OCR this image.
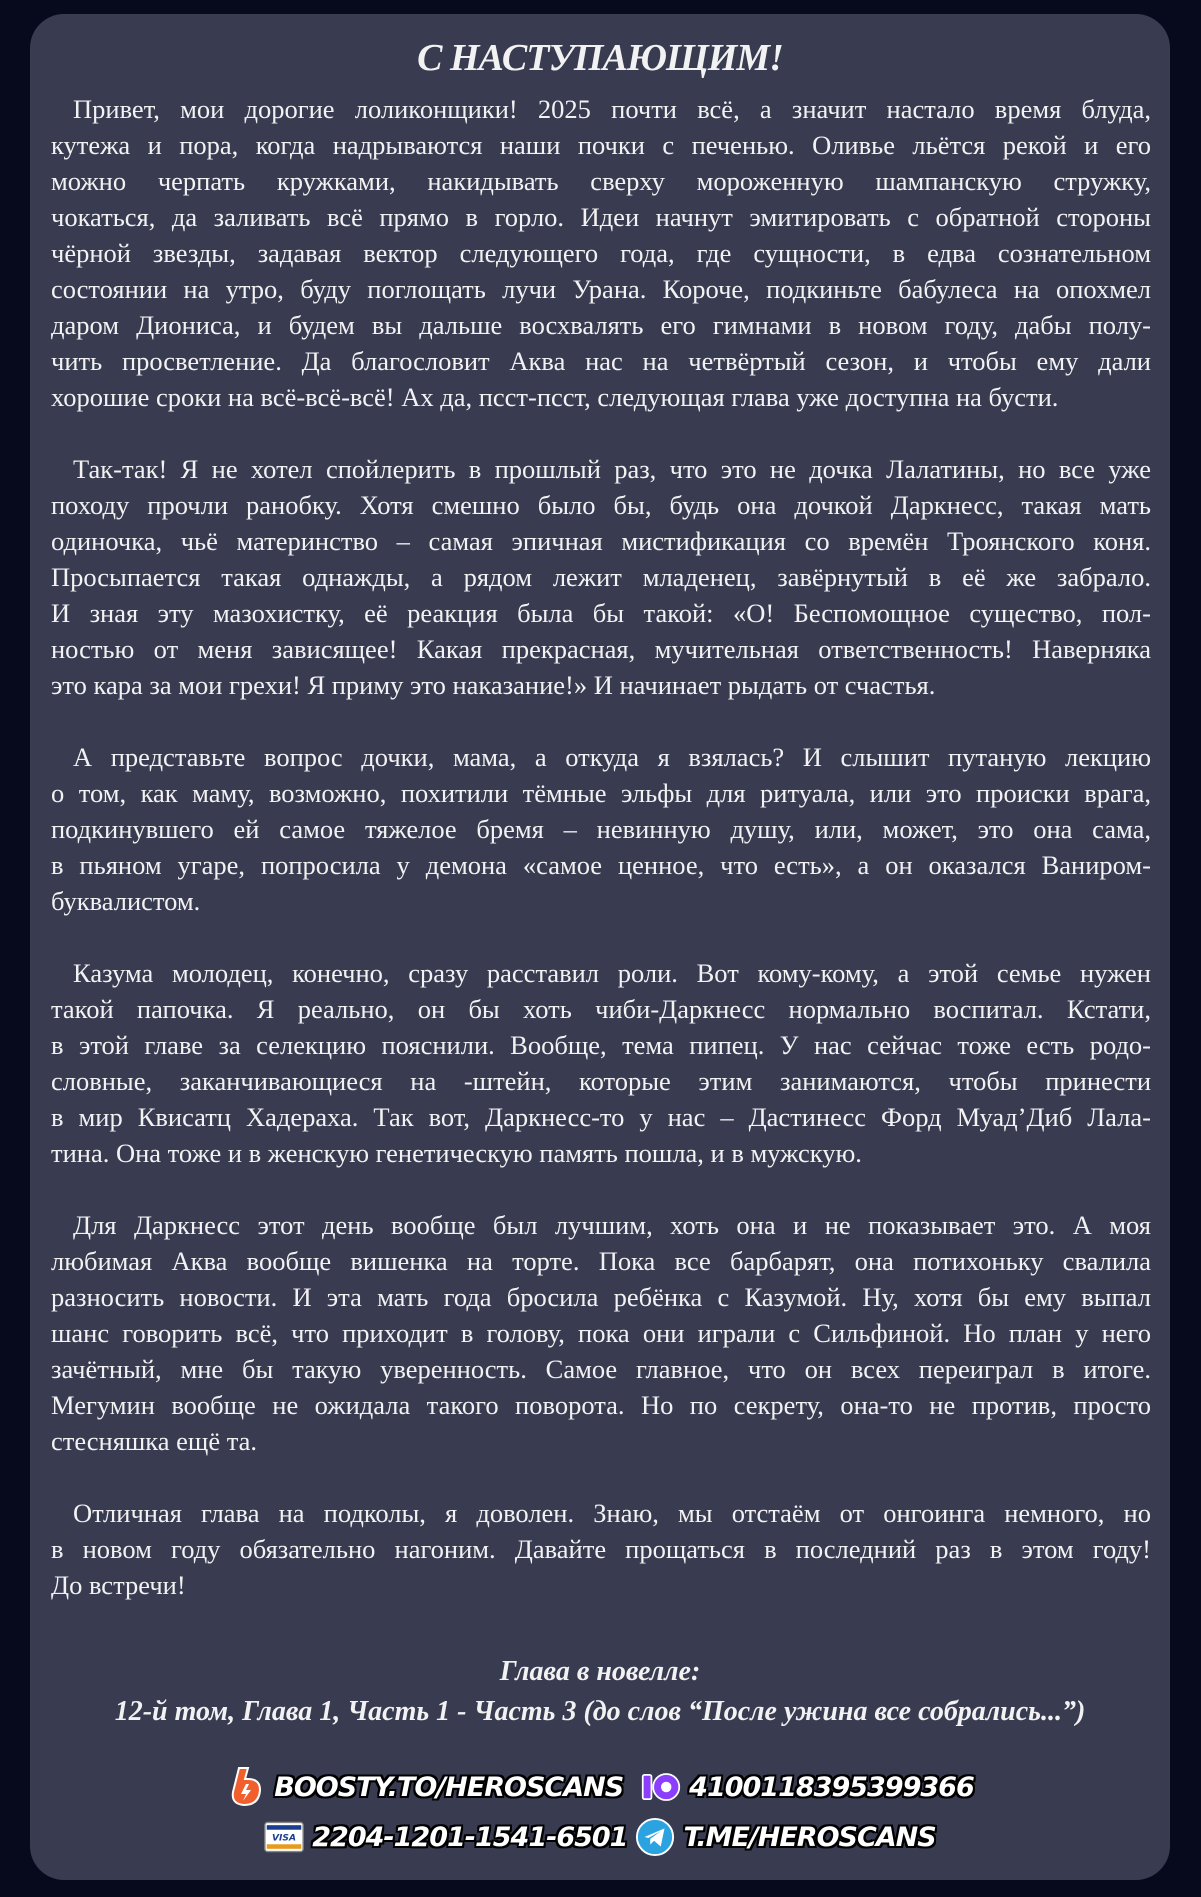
С НАСТУПАЮЩИМ!
Привет, мои дорогие лоликонщики! 2025 почти всё, а значит настало время блуда,
кутежа и пора, когда надрываются наши почки с печенью. Оливье льётся рекой и его
можно черпать кружками, накидывать сверху мороженную шампанскую стружку,
чокаться, да заливать всё прямо в горло. Идеи начнут эмитировать с обратной стороны
чёрной звезды, задавая вектор следующего года, где сущности, в едва сознательном
состоянии на утро, буду поглощать лучи Урана. Короче, подкиньте бабулеса на опохмел
даром Диониса, и будем вы дальше восхвалять его гимнами в новом году, дабы полу-
чить просветление. Да благословит Аква нас на четвёртый сезон, и чтобы ему дали
хорошие сроки на всё-всё-всё! Ах да, псст-псст, следующая глава уже доступна на бусти.
Так-так! Я не хотел спойлерить в прошлый раз, что это не дочка Лалатины, но все уже
походу прочли ранобку. Хотя смешно было бы, будь она дочкой Даркнесс, такая мать
одиночка, чьё материнство – самая эпичная мистификация со времён Троянского коня.
Просыпается такая однажды, а рядом лежит младенец, завёрнутый в её же забрало.
И зная эту мазохистку, её реакция была бы такой: «О! Беспомощное существо, пол-
ностью от меня зависящее! Какая прекрасная, мучительная ответственность! Наверняка
это кара за мои грехи! Я приму это наказание!» И начинает рыдать от счастья.
А представьте вопрос дочки, мама, а откуда я взялась? И слышит путаную лекцию
о том, как маму, возможно, похитили тёмные эльфы для ритуала, или это происки врага,
подкинувшего ей самое тяжелое бремя – невинную душу, или, может, это она сама,
в пьяном угаре, попросила у демона «самое ценное, что есть», а он оказался Ваниром-
буквалистом.
Казума молодец, конечно, сразу расставил роли. Вот кому-кому, а этой семье нужен
такой папочка. Я реально, он бы хоть чиби-Даркнесс нормально воспитал. Кстати,
в этой главе за селекцию пояснили. Вообще, тема пипец. У нас сейчас тоже есть родо-
словные, заканчивающиеся на -штейн, которые этим занимаются, чтобы принести
в мир Квисатц Хадераха. Так вот, Даркнесс-то у нас – Дастинесс Форд Муад’Диб Лала-
тина. Она тоже и в женскую генетическую память пошла, и в мужскую.
Для Даркнесс этот день вообще был лучшим, хоть она и не показывает это. А моя
любимая Аква вообще вишенка на торте. Пока все барбарят, она потихоньку свалила
разносить новости. И эта мать года бросила ребёнка с Казумой. Ну, хотя бы ему выпал
шанс говорить всё, что приходит в голову, пока они играли с Сильфиной. Но план у него
зачётный, мне бы такую уверенность. Самое главное, что он всех переиграл в итоге.
Мегумин вообще не ожидала такого поворота. Но по секрету, она-то не против, просто
стесняшка ещё та.
Отличная глава на подколы, я доволен. Знаю, мы отстаём от онгоинга немного, но
в новом году обязательно нагоним. Давайте прощаться в последний раз в этом году!
До встречи!
Глава в новелле:
12-й том, Глава 1, Часть 1 - Часть 3 (до слов “После ужина все собрались...”)
BOOSTY.TO/HEROSCANS 4100118395399366
VISA 2204-1201-1541-6501 T.ME/HEROSCANS
